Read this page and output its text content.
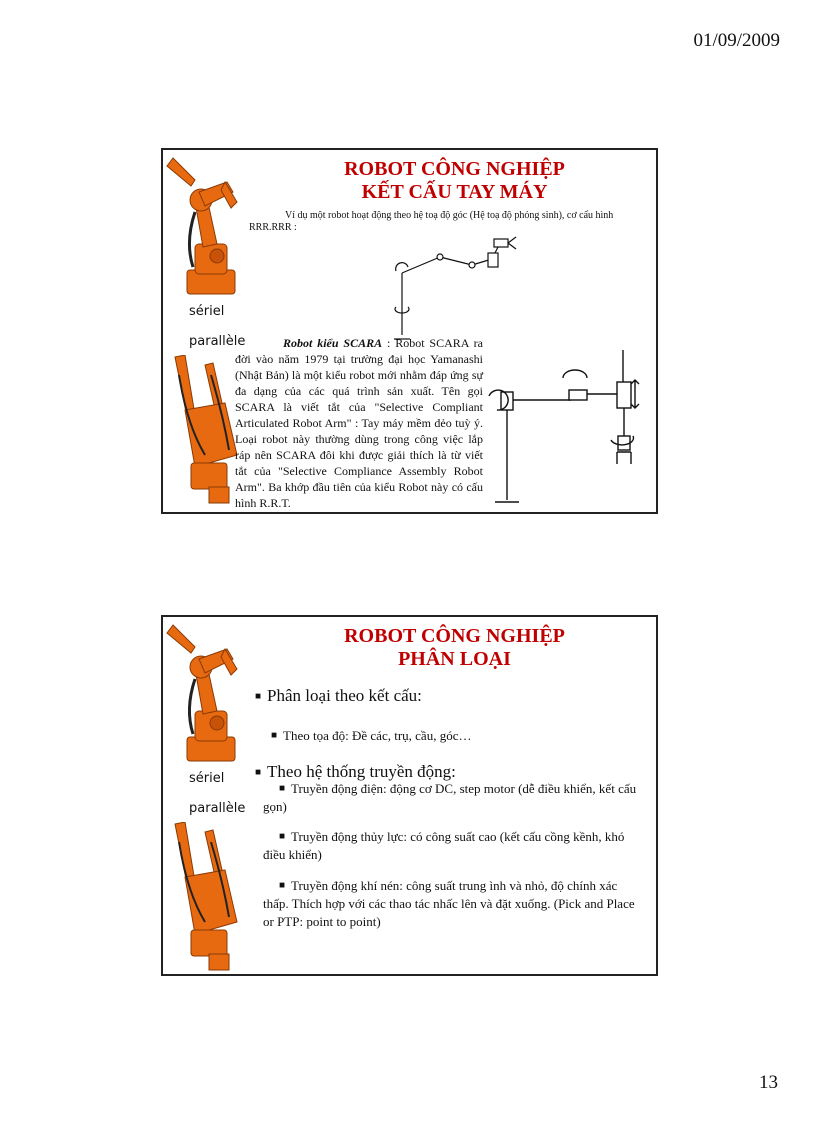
01/09/2009
sériel
parallèle
ROBOT CÔNG NGHIỆP
KẾT CẤU TAY MÁY
Ví dụ một robot hoạt động theo hệ toạ độ góc (Hệ toạ độ phỏng sinh), cơ cấu hình
RRR.RRR :
Robot kiểu SCARA : Robot SCARA ra đời vào năm 1979 tại trường đại học Yamanashi (Nhật Bản) là một kiểu robot mới nhằm đáp ứng sự đa dạng của các quá trình sản xuất. Tên gọi SCARA là viết tắt của "Selective Compliant Articulated Robot Arm" : Tay máy mềm dẻo tuỳ ý. Loại robot này thường dùng trong công việc lắp ráp nên SCARA đôi khi được giải thích là từ viết tắt của "Selective Compliance Assembly Robot Arm". Ba khớp đầu tiên của kiểu Robot này có cấu hình R.R.T.
sériel
parallèle
ROBOT CÔNG NGHIỆP
PHÂN LOẠI
■ Phân loại theo kết cấu:
■ Theo tọa độ: Đề các, trụ, cầu, góc…
■ Theo hệ thống truyền động:
■ Truyền động điện: động cơ DC, step motor (dễ điều khiển, kết cấu gọn)
■ Truyền động thủy lực: có công suất cao (kết cấu cồng kềnh, khó điều khiển)
■ Truyền động khí nén: công suất trung ình và nhỏ, độ chính xác thấp. Thích hợp với các thao tác nhấc lên và đặt xuống. (Pick and Place or PTP: point to point)
13
